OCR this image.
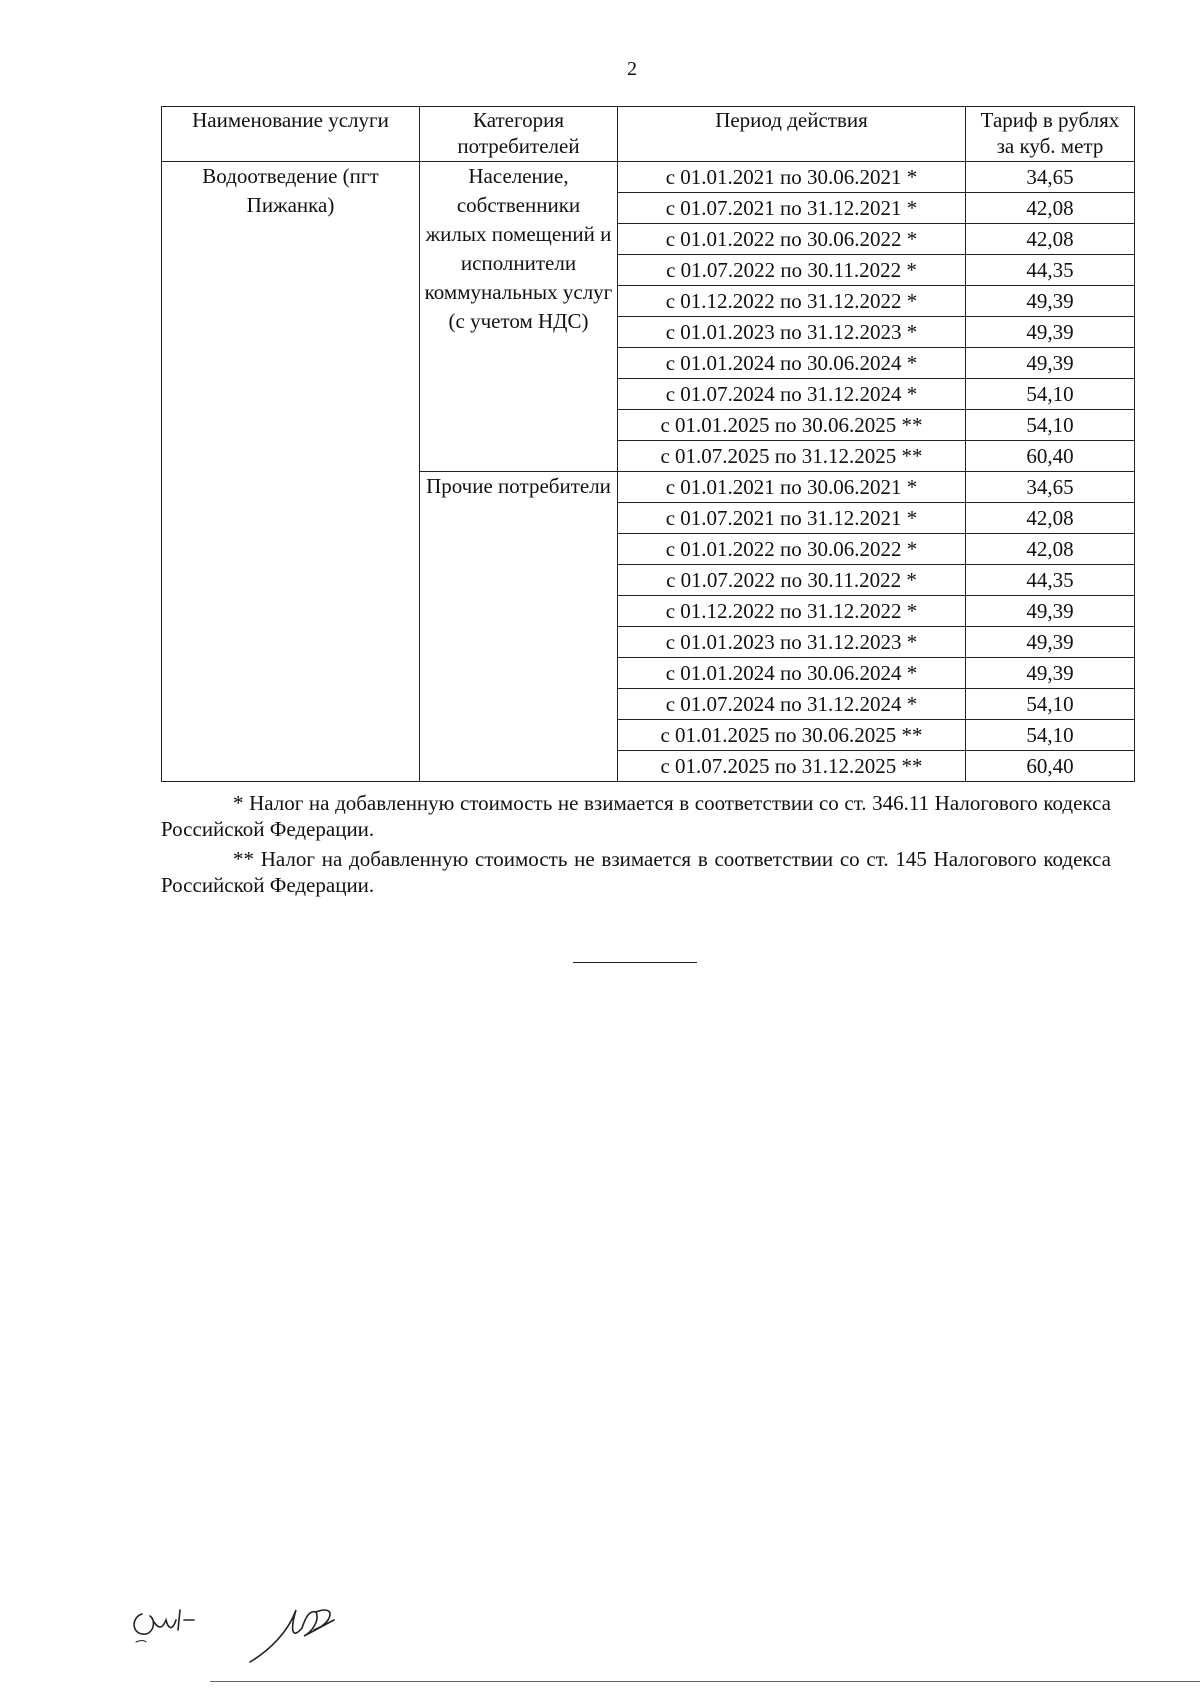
2
Наименование услуги	Категория потребителей	Период действия	Тариф в рублях за куб. метр
Водоотведение (пгт Пижанка)	Население, собственники жилых помещений и исполнители коммунальных услуг (с учетом НДС)	с 01.01.2021 по 30.06.2021 *	34,65
		с 01.07.2021 по 31.12.2021 *	42,08
		с 01.01.2022 по 30.06.2022 *	42,08
		с 01.07.2022 по 30.11.2022 *	44,35
		с 01.12.2022 по 31.12.2022 *	49,39
		с 01.01.2023 по 31.12.2023 *	49,39
		с 01.01.2024 по 30.06.2024 *	49,39
		с 01.07.2024 по 31.12.2024 *	54,10
		с 01.01.2025 по 30.06.2025 **	54,10
		с 01.07.2025 по 31.12.2025 **	60,40
	Прочие потребители	с 01.01.2021 по 30.06.2021 *	34,65
		с 01.07.2021 по 31.12.2021 *	42,08
		с 01.01.2022 по 30.06.2022 *	42,08
		с 01.07.2022 по 30.11.2022 *	44,35
		с 01.12.2022 по 31.12.2022 *	49,39
		с 01.01.2023 по 31.12.2023 *	49,39
		с 01.01.2024 по 30.06.2024 *	49,39
		с 01.07.2024 по 31.12.2024 *	54,10
		с 01.01.2025 по 30.06.2025 **	54,10
		с 01.07.2025 по 31.12.2025 **	60,40

* Налог на добавленную стоимость не взимается в соответствии со ст. 346.11 Налогового кодекса Российской Федерации.

** Налог на добавленную стоимость не взимается в соответствии со ст. 145 Налогового кодекса Российской Федерации.
